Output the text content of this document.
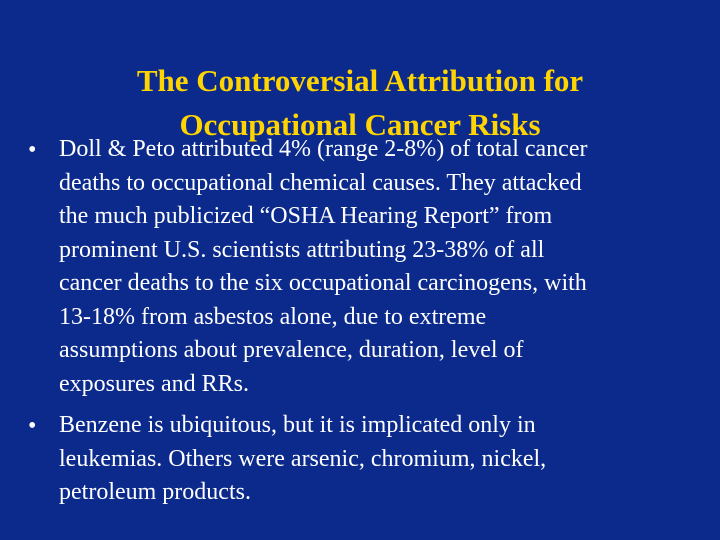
The Controversial Attribution for
Occupational Cancer Risks
• Doll & Peto attributed 4% (range 2-8%) of total cancer
deaths to occupational chemical causes. They attacked
the much publicized “OSHA Hearing Report” from
prominent U.S. scientists attributing 23-38% of all
cancer deaths to the six occupational carcinogens, with
13-18% from asbestos alone, due to extreme
assumptions about prevalence, duration, level of
exposures and RRs.
• Benzene is ubiquitous, but it is implicated only in
leukemias. Others were arsenic, chromium, nickel,
petroleum products.
